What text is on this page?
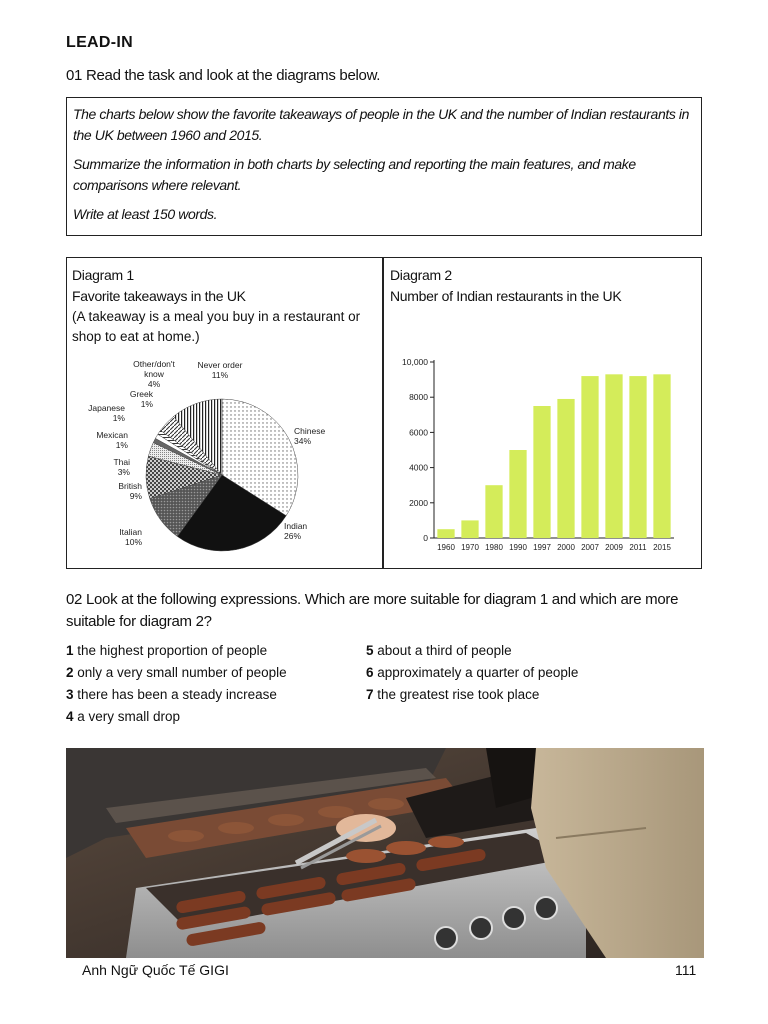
LEAD-IN
01 Read the task and look at the diagrams below.

The charts below show the favorite takeaways of people in the UK and the number of Indian restaurants in the UK between 1960 and 2015.

Summarize the information in both charts by selecting and reporting the main features, and make comparisons where relevant.

Write at least 150 words.

Diagram 1
Favorite takeaways in the UK
(A takeaway is a meal you buy in a restaurant or shop to eat at home.)
Diagram 2
Number of Indian restaurants in the UK
Chinese 34%
Indian 26%
Italian 10%
British 9%
Thai 3%
Mexican 1%
Japanese 1%
Greek 1%
Other/don't know 4%
Never order 11%
0
2000
4000
6000
8000
10,000
1960 1970 1980 1990 1997 2000 2007 2009 2011 2015
02 Look at the following expressions. Which are more suitable for diagram 1 and which are more suitable for diagram 2?
1 the highest proportion of people
2 only a very small number of people
3 there has been a steady increase
4 a very small drop
5 about a third of people
6 approximately a quarter of people
7 the greatest rise took place
Anh Ngữ Quốc Tế GIGI	111
